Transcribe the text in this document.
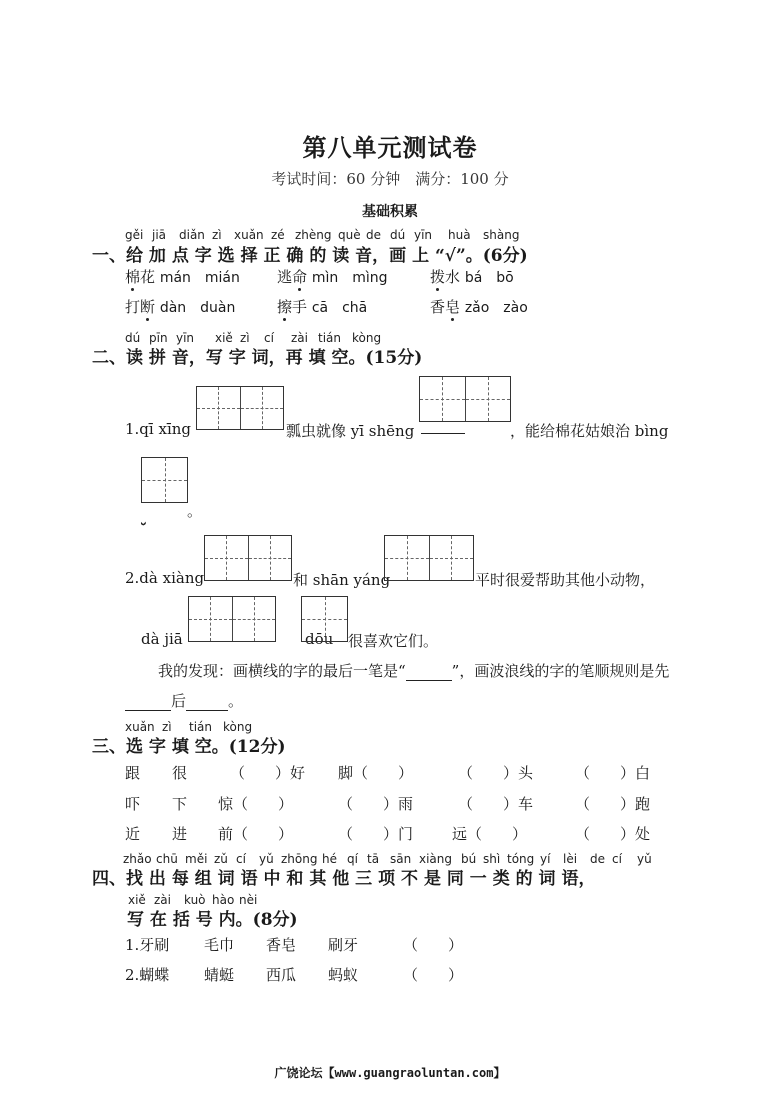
第八单元测试卷
考试时间：60 分钟　满分：100 分
基础积累
gěi jiā diǎn zì xuǎn zé zhèng què de dú yīn huà shàng
一、给 加 点 字 选 择 正 确 的 读 音，画 上 “√”。(6分)
棉花 mán　mián 逃命 mìn　mìng	拨水 bá　bō
打断 dàn　duàn	擦手 cā　chā	香皂 zǎo　zào
dú pīn yīn xiě zì cí zài tián kòng
二、读 拼 音，写 字 词，再 填 空。(15分)
1.qī xīng	瓢虫就像 yī shēng	，能给棉花姑娘治 bìng
。
2.dà xiàng	和 shān yáng	平时很爱帮助其他小动物，
dà jiā	dōu 很喜欢它们。
我的发现：画横线的字的最后一笔是“	”，画波浪线的字的笔顺规则是先
后	。
xuǎn zì tián kòng
三、选 字 填 空。(12分)
跟 很	（　　）好 脚（　　）	（　　）头	（　　）白
吓 下 惊（　　）	（　　）雨	（　　）车	（　　）跑
近 进 前（　　）	（　　）门	远（　　）	（　　）处
zhǎo chū měi zǔ cí yǔ zhōng hé qí tā sān xiàng bú shì tóng yí lèi de cí yǔ
四、找 出 每 组 词 语 中 和 其 他 三 项 不 是 同 一 类 的 词 语，
xiě zài kuò hào nèi
写 在 括 号 内。(8分)
1.牙刷 毛巾 香皂 刷牙	（　　）
2.蝴蝶 蜻蜓 西瓜 蚂蚁	（　　）
广饶论坛【www.guangraoluntan.com】
